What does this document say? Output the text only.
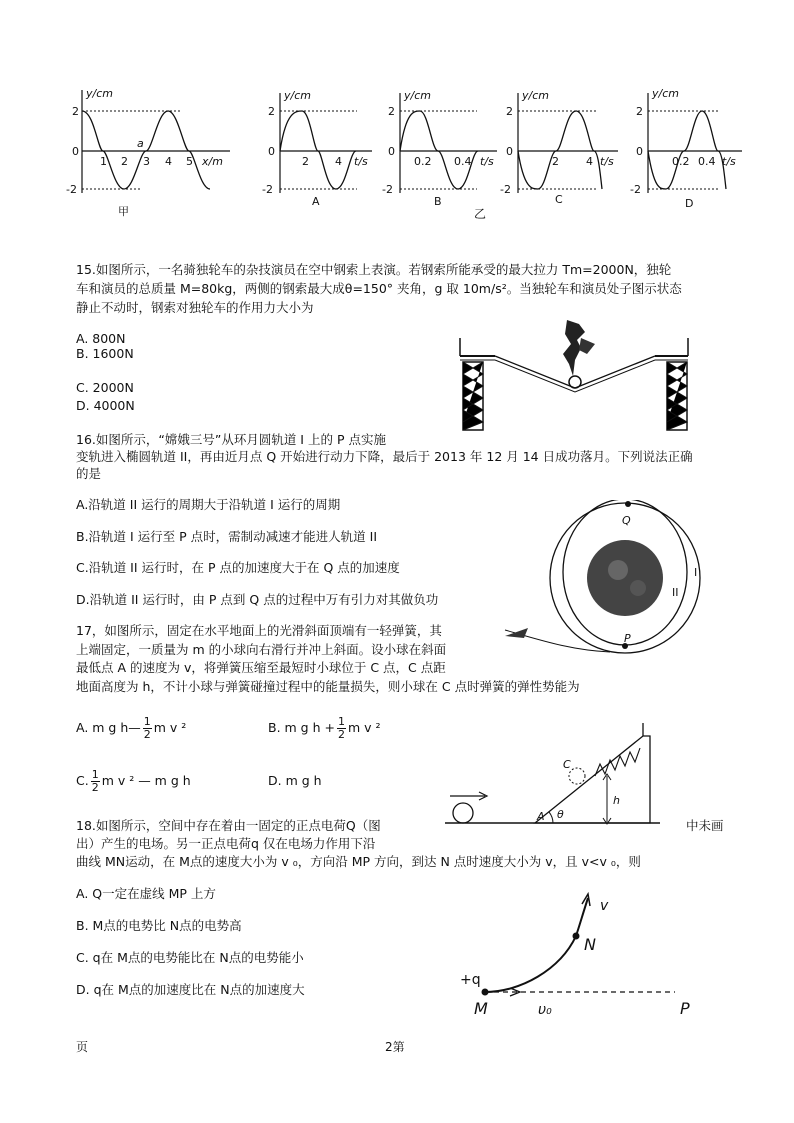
y/cm
2
0
-2
1 2 3 4 5
a
x/m
甲
y/cm
2
0
-2
2 4 t/s
A
y/cm
2
0
-2
0.2 0.4 t/s
B
乙
y/cm
2
0
-2
2 4 t/s
C
y/cm
2
0
-2
0.2 0.4 t/s
D
15.如图所示，一名骑独轮车的杂技演员在空中钢索上表演。若钢索所能承受的最大拉力 Tm=2000N，独轮
车和演员的总质量 M=80kg，两侧的钢索最大成θ=150° 夹角，g 取 10m/s²。当独轮车和演员处子图示状态
静止不动时，钢索对独轮车的作用力大小为
A. 800N
B. 1600N
C. 2000N
D. 4000N
16.如图所示，“嫦娥三号”从环月圆轨道 I 上的 P 点实施
变轨进入椭圆轨道 II，再由近月点 Q 开始进行动力下降，最后于 2013 年 12 月 14 日成功落月。下列说法正确
的是
A.沿轨道 II 运行的周期大于沿轨道 I 运行的周期
B.沿轨道 I 运行至 P 点时，需制动减速才能进人轨道 II
C.沿轨道 II 运行时，在 P 点的加速度大于在 Q 点的加速度
D.沿轨道 II 运行时，由 P 点到 Q 点的过程中万有引力对其做负功
Q
P
I
II
17，如图所示，固定在水平地面上的光滑斜面顶端有一轻弹簧，其
上端固定，一质量为 m 的小球向右滑行并冲上斜面。设小球在斜面
最低点 A 的速度为 v，将弹簧压缩至最短时小球位于 C 点，C 点距
地面高度为 h，不计小球与弹簧碰撞过程中的能量损失，则小球在 C 点时弹簧的弹性势能为
A. m g h— $\frac{1}{2}$ m v ²	B. m g $h + \frac{1}{2}$ m v ²
C. $\frac{1}{2}$ m v ² — m g h	D. m g h
A
C
h
θ
18.如图所示，空间中存在着由一固定的正点电荷Q（图	中未画
出）产生的电场。另一正点电荷q 仅在电场力作用下沿
曲线 MN运动，在 M点的速度大小为 v ₀，方向沿 MP 方向，到达 N 点时速度大小为 v，且 v<v ₀，则
A. Q一定在虚线 MP 上方
B. M点的电势比 N点的电势高
C. q在 M点的电势能比在 N点的电势能小
D. q在 M点的加速度比在 N点的加速度大
+q
M
N
P
v
υ₀
页	2第
